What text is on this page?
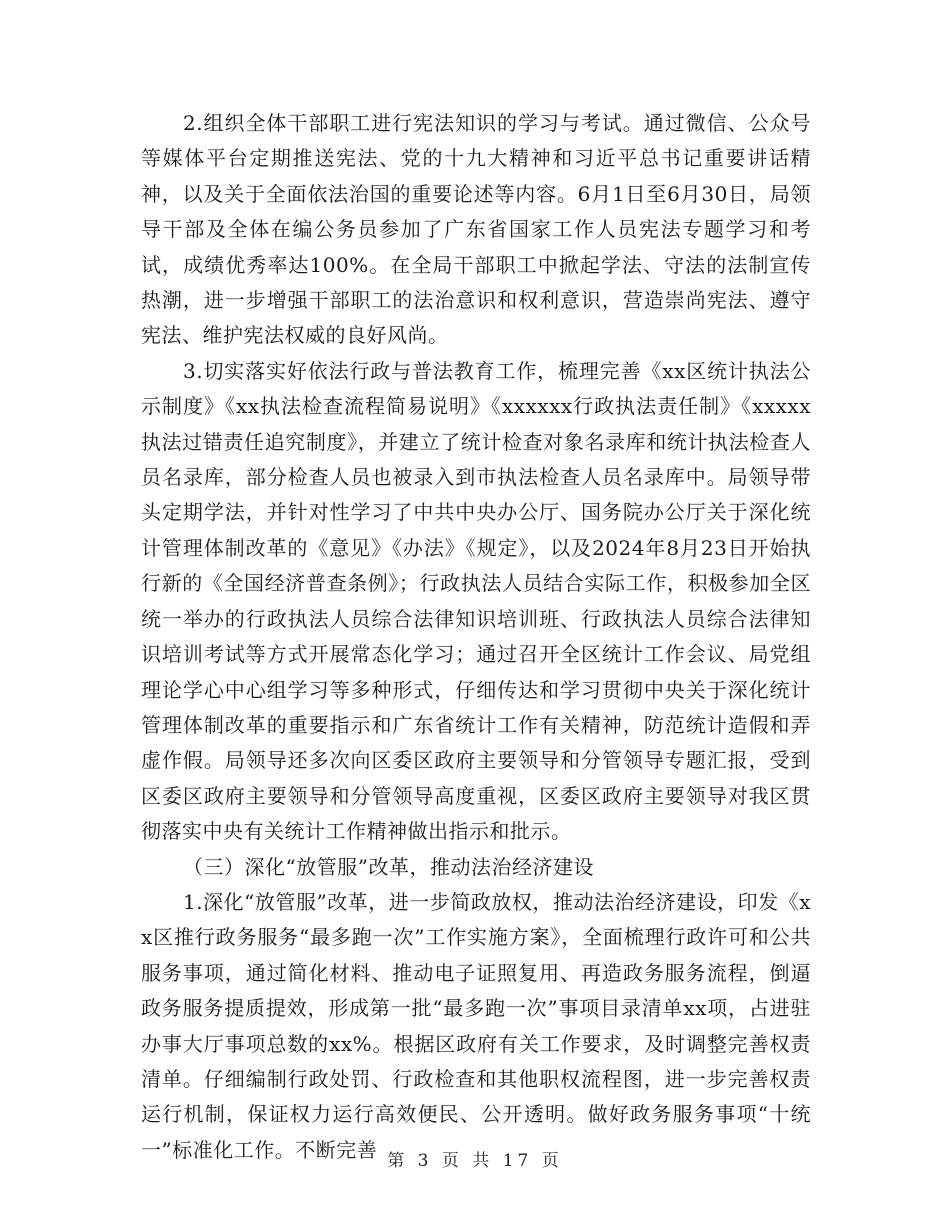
2.组织全体干部职工进行宪法知识的学习与考试。通过微信、公众号等媒体平台定期推送宪法、党的十九大精神和习近平总书记重要讲话精神，以及关于全面依法治国的重要论述等内容。6月1日至6月30日，局领导干部及全体在编公务员参加了广东省国家工作人员宪法专题学习和考试，成绩优秀率达100%。在全局干部职工中掀起学法、守法的法制宣传热潮，进一步增强干部职工的法治意识和权利意识，营造崇尚宪法、遵守宪法、维护宪法权威的良好风尚。

3.切实落实好依法行政与普法教育工作，梳理完善《xx区统计执法公示制度》《xx执法检查流程简易说明》《xxxxxx行政执法责任制》《xxxxx执法过错责任追究制度》，并建立了统计检查对象名录库和统计执法检查人员名录库，部分检查人员也被录入到市执法检查人员名录库中。局领导带头定期学法，并针对性学习了中共中央办公厅、国务院办公厅关于深化统计管理体制改革的《意见》《办法》《规定》，以及2024年8月23日开始执行新的《全国经济普查条例》；行政执法人员结合实际工作，积极参加全区统一举办的行政执法人员综合法律知识培训班、行政执法人员综合法律知识培训考试等方式开展常态化学习；通过召开全区统计工作会议、局党组理论学心中心组学习等多种形式，仔细传达和学习贯彻中央关于深化统计管理体制改革的重要指示和广东省统计工作有关精神，防范统计造假和弄虚作假。局领导还多次向区委区政府主要领导和分管领导专题汇报，受到区委区政府主要领导和分管领导高度重视，区委区政府主要领导对我区贯彻落实中央有关统计工作精神做出指示和批示。

（三）深化“放管服”改革，推动法治经济建设

1.深化“放管服”改革，进一步简政放权，推动法治经济建设，印发《xx区推行政务服务“最多跑一次”工作实施方案》，全面梳理行政许可和公共服务事项，通过简化材料、推动电子证照复用、再造政务服务流程，倒逼政务服务提质提效，形成第一批“最多跑一次”事项目录清单xx项，占进驻办事大厅事项总数的xx%。根据区政府有关工作要求，及时调整完善权责清单。仔细编制行政处罚、行政检查和其他职权流程图，进一步完善权责运行机制，保证权力运行高效便民、公开透明。做好政务服务事项“十统一”标准化工作。不断完善 第 3 页 共 17 页
